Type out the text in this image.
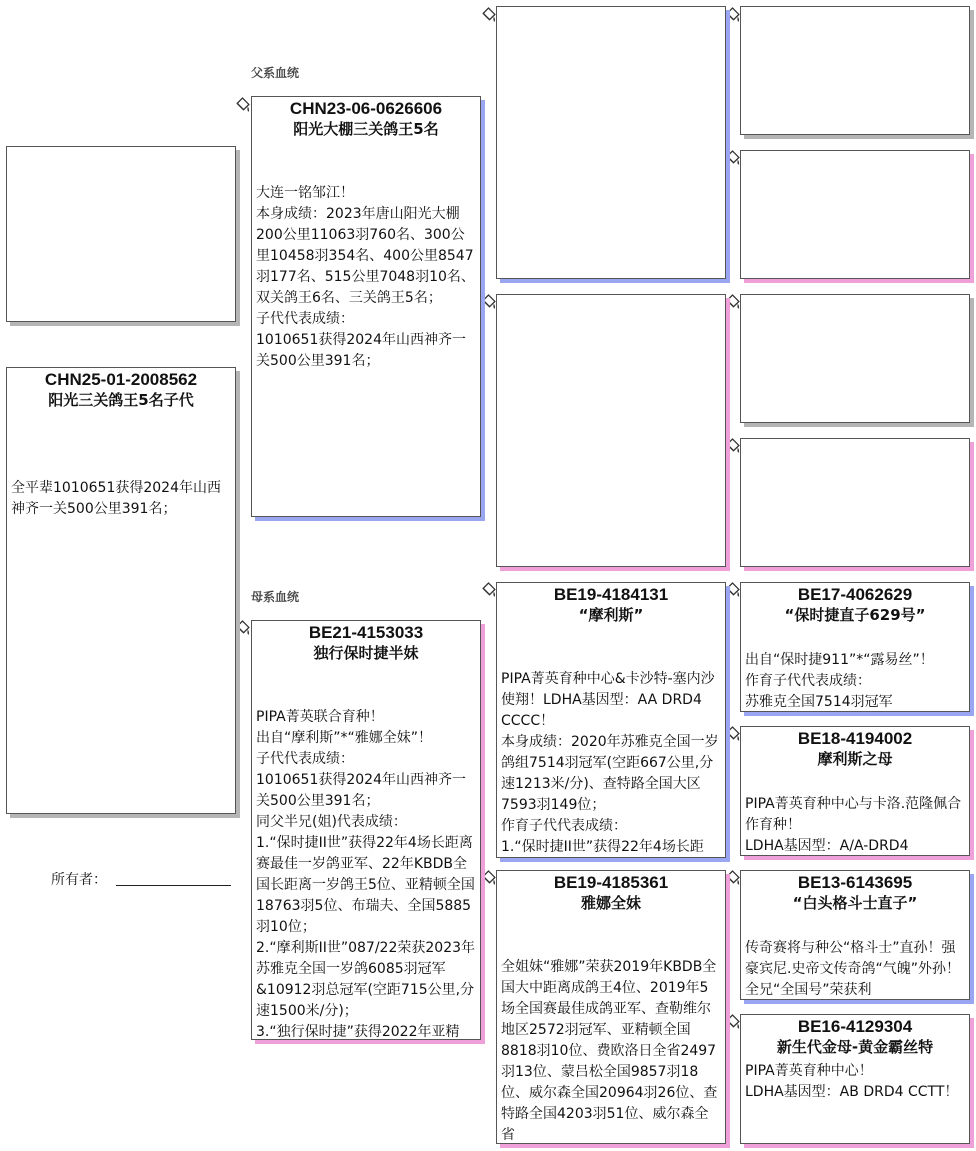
父系血统
母系血统
CHN25-01-2008562
阳光三关鸽王5名子代
全平辈1010651获得2024年山西神齐一关500公里391名；
所有者：
CHN23-06-0626606
阳光大棚三关鸽王5名
大连一铭邹江！
本身成绩：2023年唐山阳光大棚200公里11063羽760名、300公里10458羽354名、400公里8547羽177名、515公里7048羽10名、双关鸽王6名、三关鸽王5名；
子代代表成绩：
1010651获得2024年山西神齐一关500公里391名；
BE21-4153033
独行保时捷半妹
PIPA菁英联合育种！
出自“摩利斯”*“雅娜全妹”！
子代代表成绩：
1010651获得2024年山西神齐一关500公里391名；
同父半兄(姐)代表成绩：
1.“保时捷II世”获得22年4场长距离赛最佳一岁鸽亚军、22年KBDB全国长距离一岁鸽王5位、亚精顿全国18763羽5位、布瑞夫、全国5885羽10位；
2.“摩利斯II世”087/22荣获2023年苏雅克全国一岁鸽6085羽冠军&10912羽总冠军(空距715公里,分速1500米/分)；
3.“独行保时捷”获得2022年亚精
BE19-4184131
“摩利斯”
PIPA菁英育种中心&卡沙特-塞内沙使翔！LDHA基因型：AA DRD4 CCCC！
本身成绩：2020年苏雅克全国一岁鸽组7514羽冠军(空距667公里,分速1213米/分)、查特路全国大区7593羽149位；
作育子代代表成绩：
1.“保时捷II世”获得22年4场长距
BE19-4185361
雅娜全妹
全姐妹“雅娜”荣获2019年KBDB全国大中距离成鸽王4位、2019年5场全国赛最佳成鸽亚军、查勒维尔地区2572羽冠军、亚精顿全国8818羽10位、费欧洛日全省2497羽13位、蒙吕松全国9857羽18位、威尔森全国20964羽26位、查特路全国4203羽51位、威尔森全省
BE17-4062629
“保时捷直子629号”
出自“保时捷911”*“露易丝”！
作育子代代表成绩：
苏雅克全国7514羽冠军
BE18-4194002
摩利斯之母
PIPA菁英育种中心与卡洛.范隆佩合作育种！
LDHA基因型：A/A-DRD4
BE13-6143695
“白头格斗士直子”
传奇赛将与种公“格斗士”直孙！强豪宾尼.史帝文传奇鸽“气魄”外孙！全兄“全国号”荣获利
BE16-4129304
新生代金母-黄金霸丝特
PIPA菁英育种中心！
LDHA基因型：AB DRD4 CCTT！
